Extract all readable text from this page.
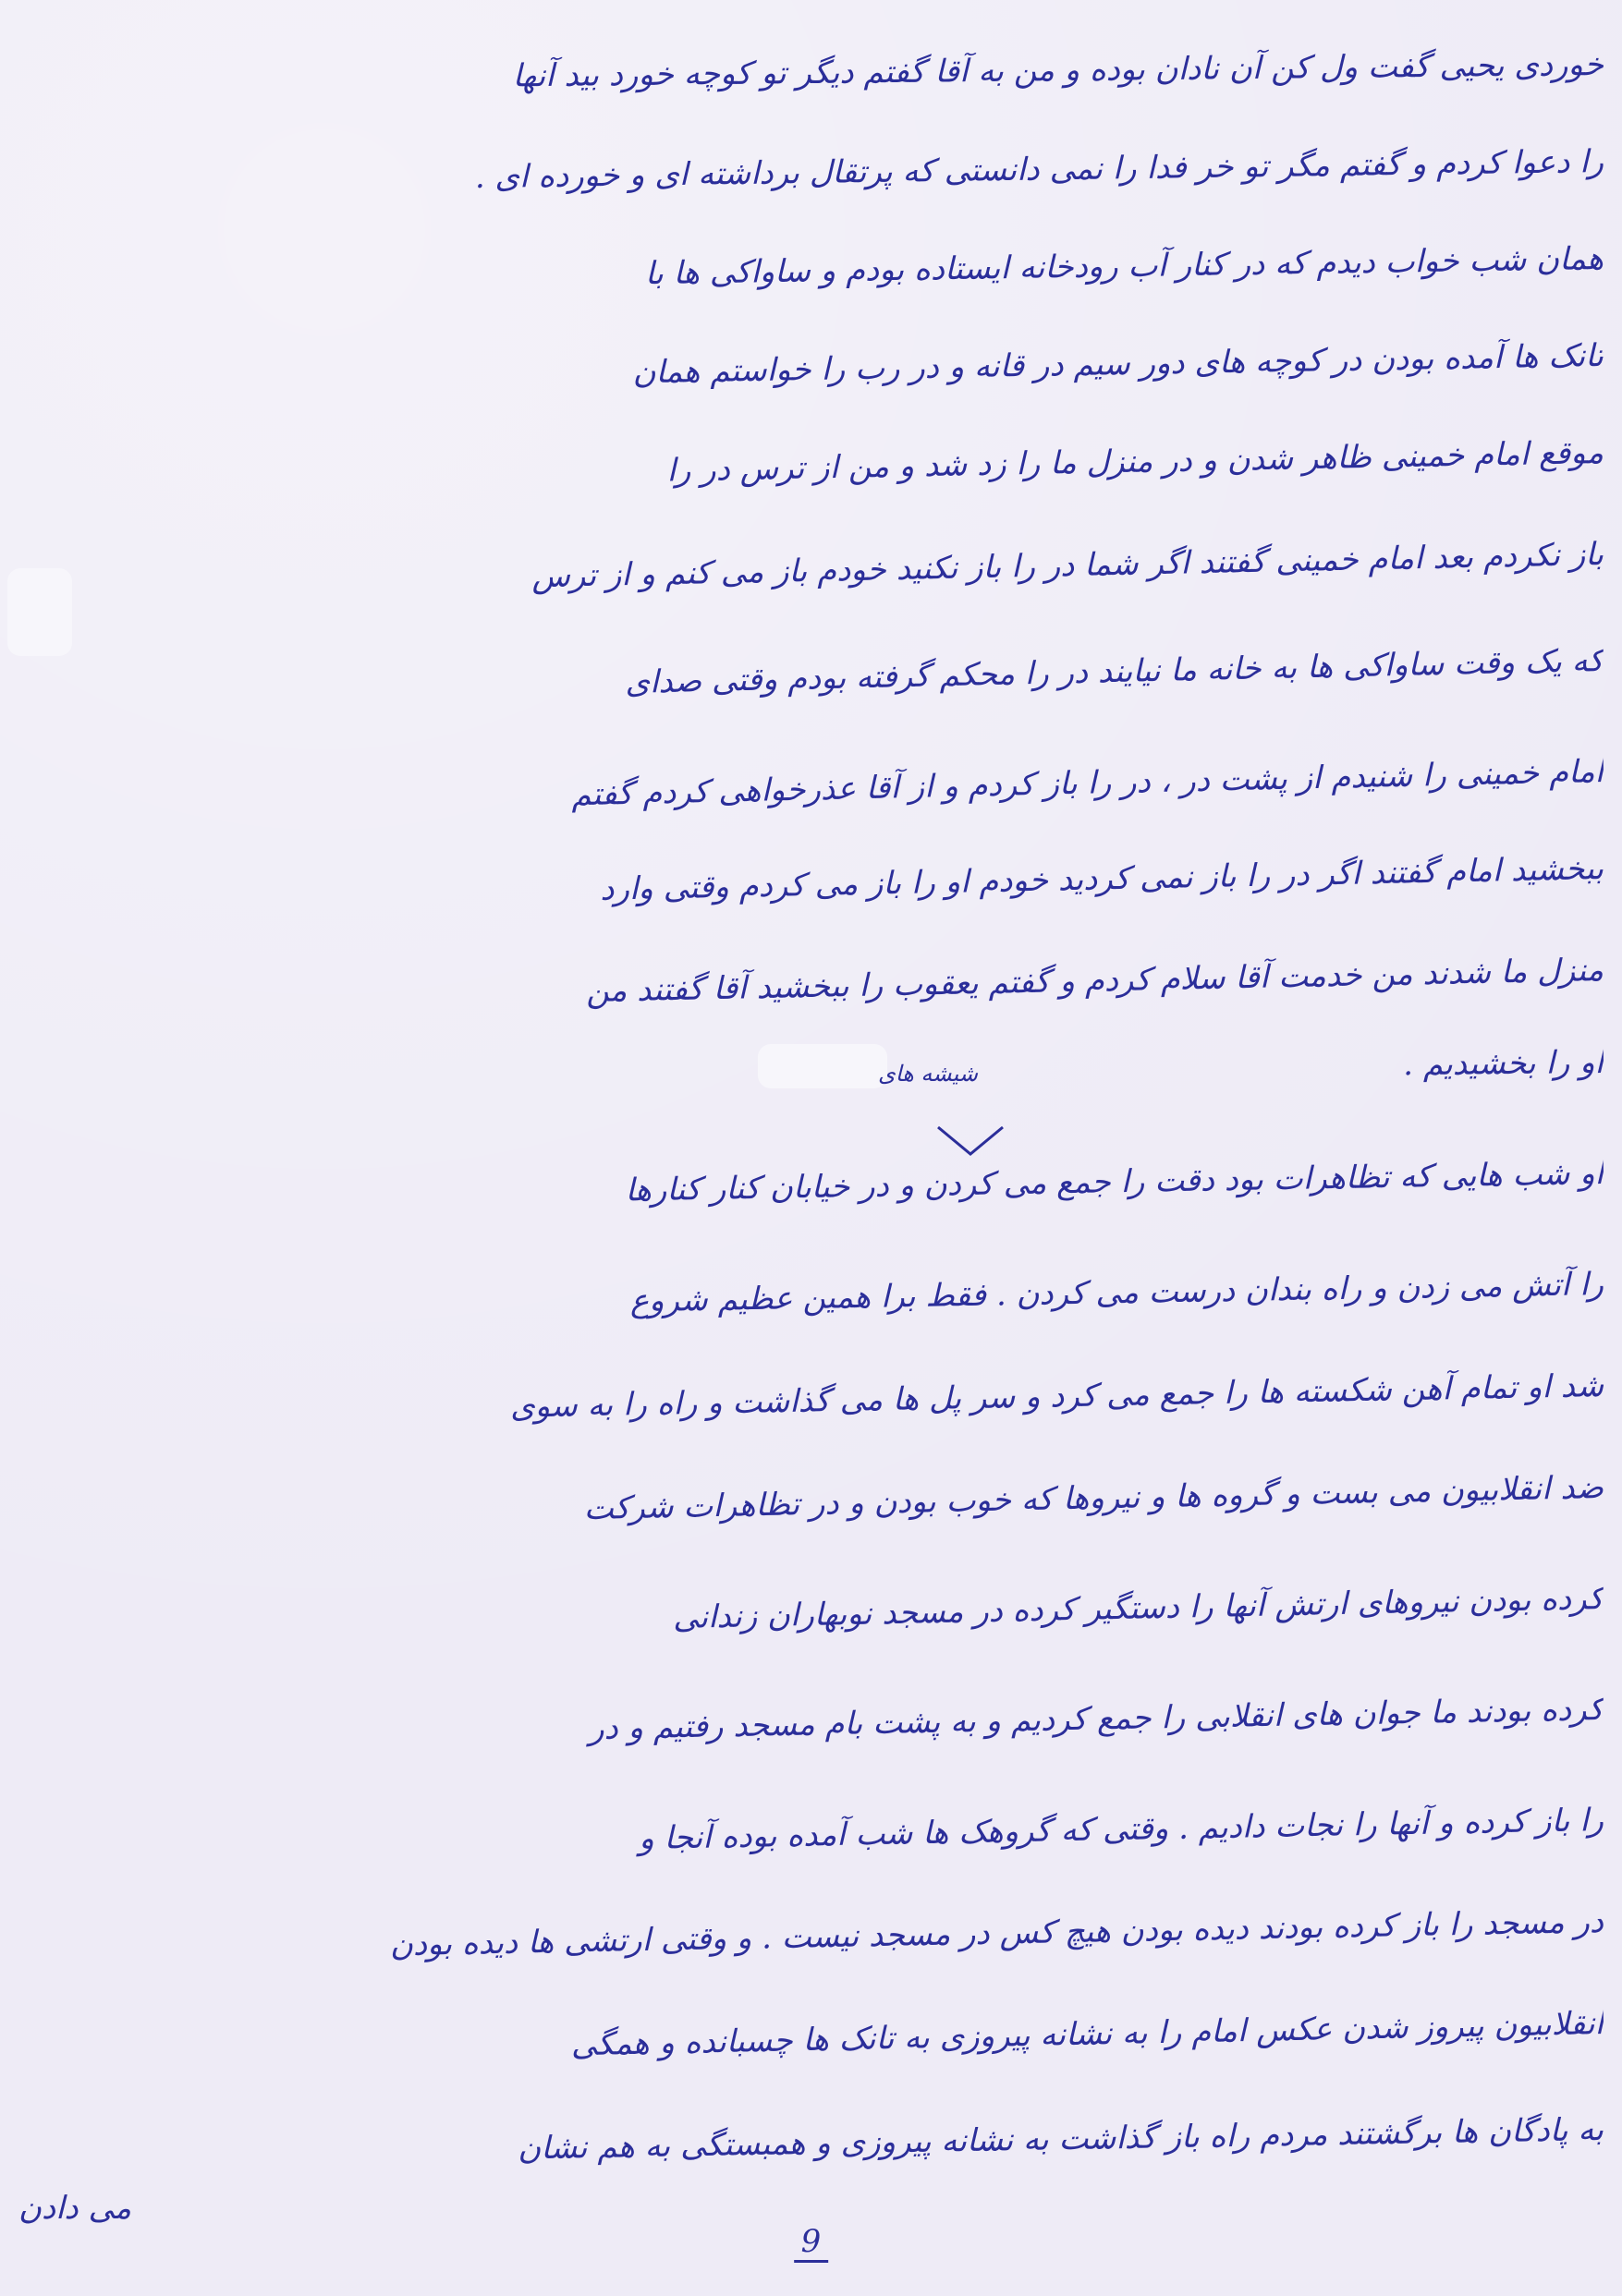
خوردی یحیی گفت ول کن آن نادان بوده و من به آقا گفتم دیگر تو کوچه خورد بید آنها
را دعوا کردم و گفتم مگر تو خر فدا را نمی دانستی که پرتقال برداشته ای و خورده ای .
همان شب خواب دیدم که در کنار آب رودخانه ایستاده بودم و ساواکی ها با
تانک ها آمده بودن در کوچه های دور سیم در قانه و در رب را خواستم همان
موقع امام خمینی ظاهر شدن و در منزل ما را زد شد و من از ترس در را
باز نکردم بعد امام خمینی گفتند اگر شما در را باز نکنید خودم باز می کنم و از ترس
که یک وقت ساواکی ها به خانه ما نیایند در را محکم گرفته بودم وقتی صدای
امام خمینی را شنیدم از پشت در ، در را باز کردم و از آقا عذرخواهی کردم گفتم
ببخشید امام گفتند اگر در را باز نمی کردید خودم او را باز می کردم وقتی وارد
منزل ما شدند من خدمت آقا سلام کردم و گفتم یعقوب را ببخشید آقا گفتند من
او را بخشیدیم .
او شب هایی که تظاهرات بود دقت را جمع می کردن و در خیابان کنار کنارها
را آتش می زدن و راه بندان درست می کردن . فقط برا همین عظیم شروع
شد او تمام آهن شکسته ها را جمع می کرد و سر پل ها می گذاشت و راه را به سوی
ضد انقلابیون می بست و گروه ها و نیروها که خوب بودن و در تظاهرات شرکت
کرده بودن نیروهای ارتش آنها را دستگیر کرده در مسجد نوبهاران زندانی
کرده بودند ما جوان های انقلابی را جمع کردیم و به پشت بام مسجد رفتیم و در
را باز کرده و آنها را نجات دادیم . وقتی که گروهک ها شب آمده بوده آنجا و
در مسجد را باز کرده بودند دیده بودن هیچ کس در مسجد نیست . و وقتی ارتشی ها دیده بودن
انقلابیون پیروز شدن عکس امام را به نشانه پیروزی به تانک ها چسبانده و همگی
به پادگان ها برگشتند مردم راه باز گذاشت به نشانه پیروزی و همبستگی به هم نشان
می دادن
شیشه های
9
